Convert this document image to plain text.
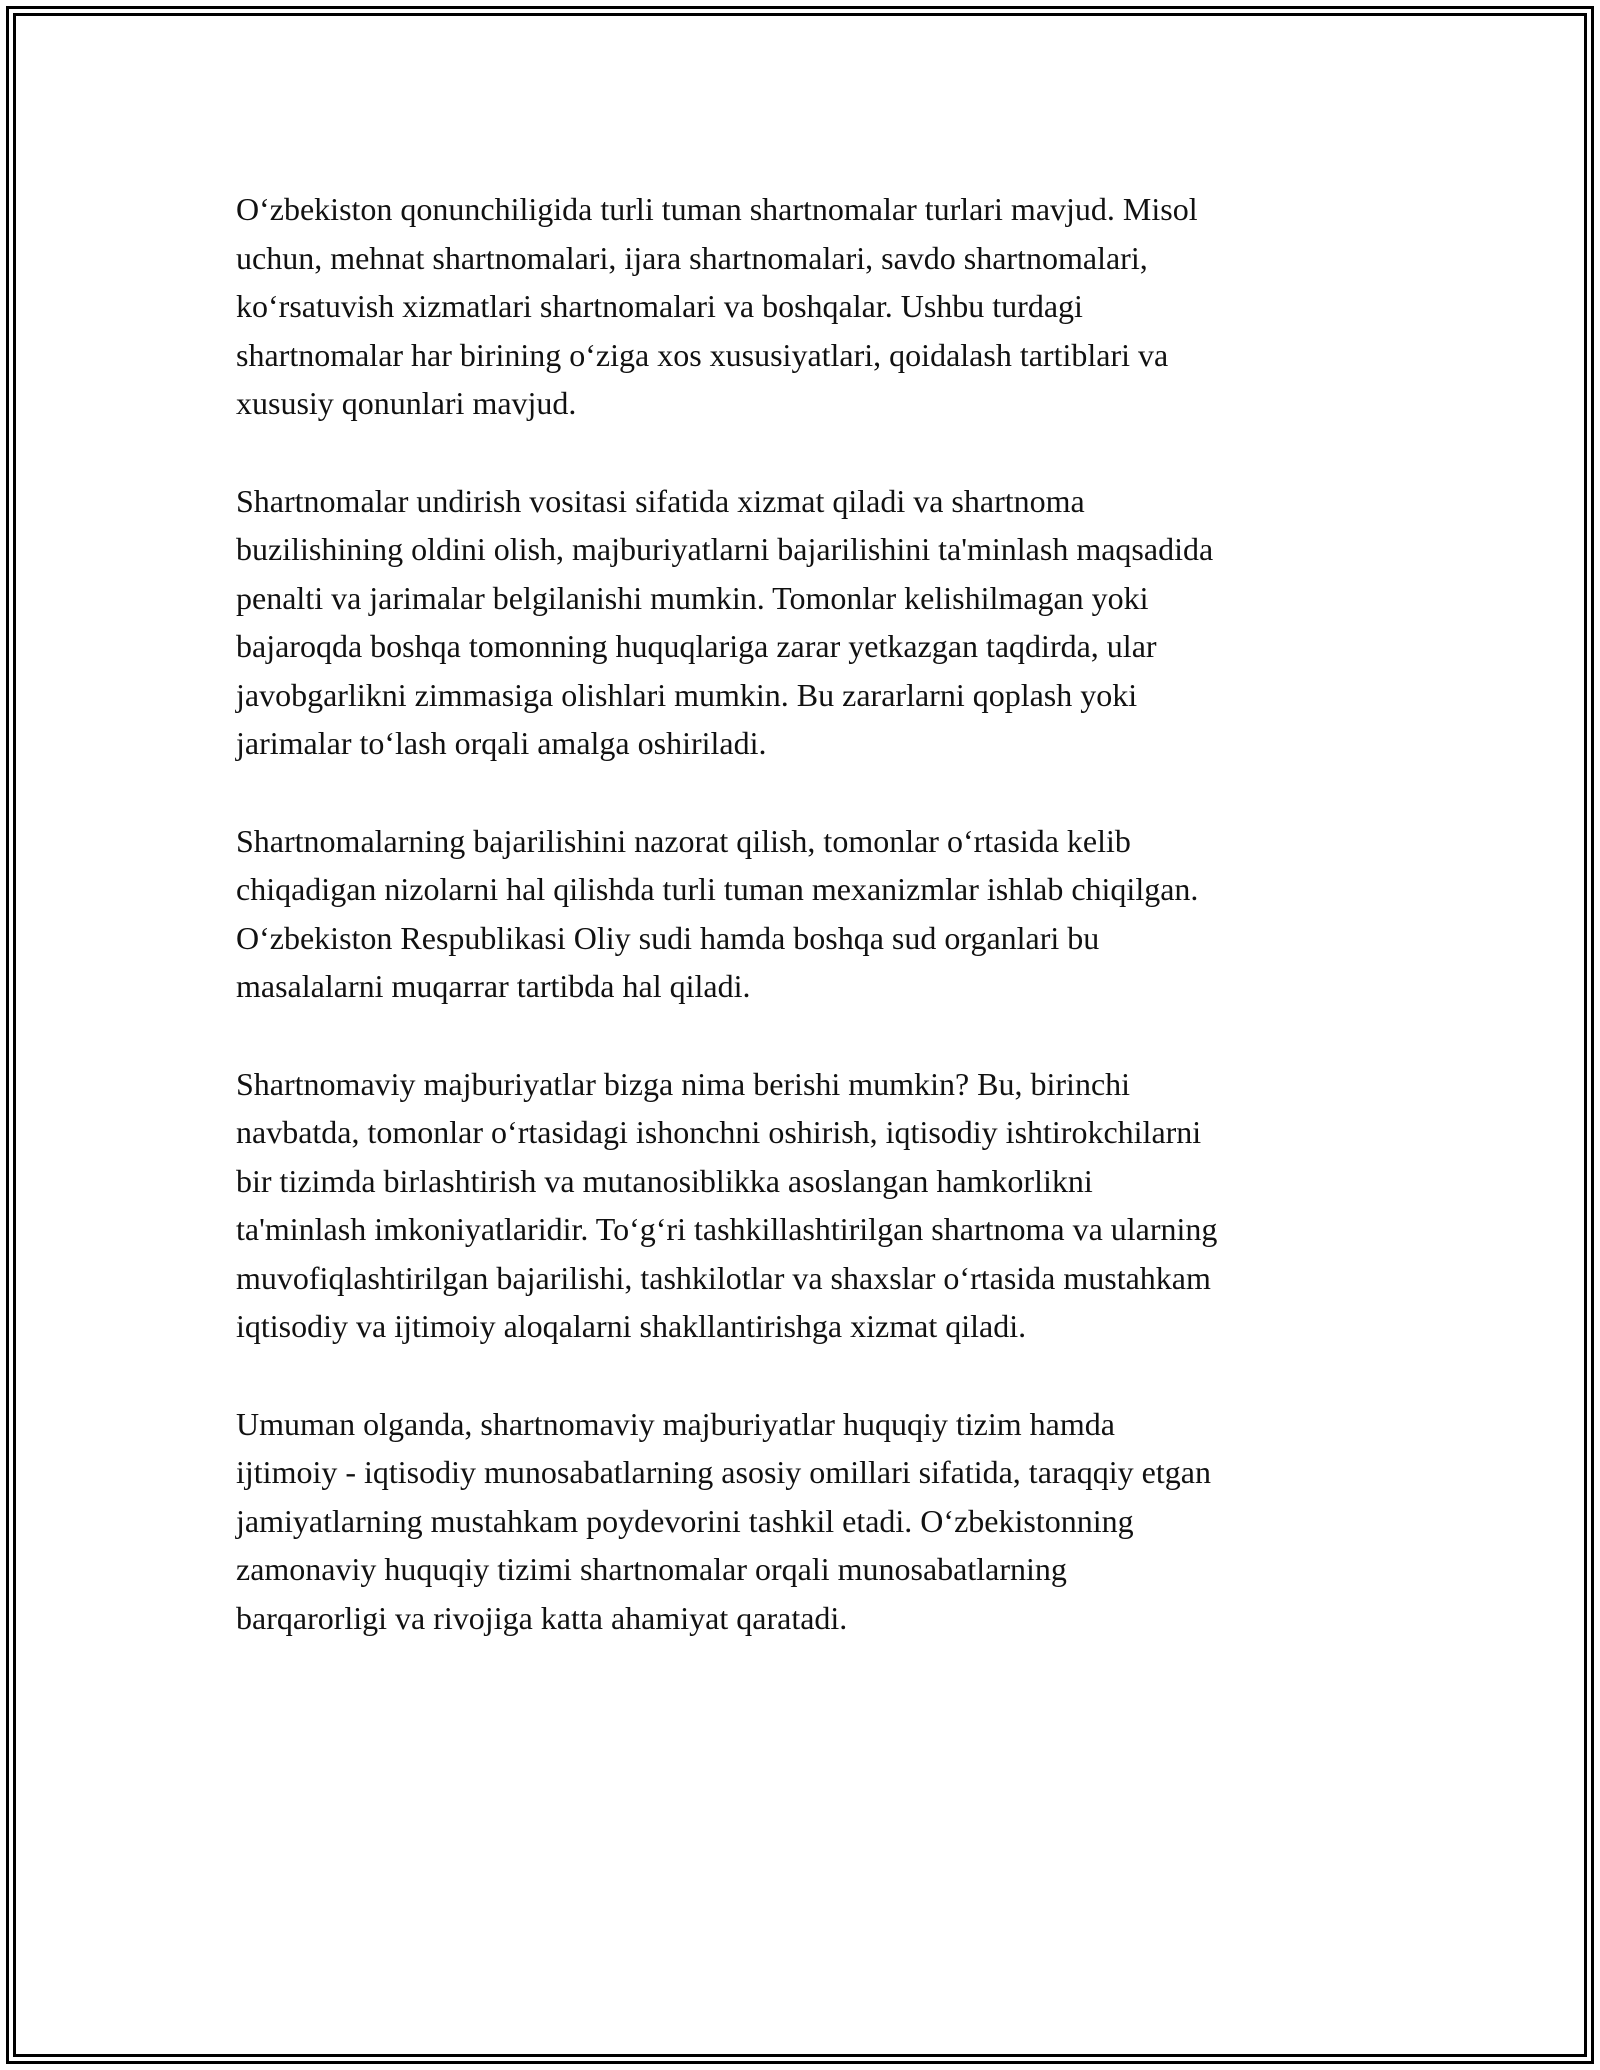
O‘zbekiston qonunchiligida turli tuman shartnomalar turlari mavjud. Misol
uchun, mehnat shartnomalari, ijara shartnomalari, savdo shartnomalari,
ko‘rsatuvish xizmatlari shartnomalari va boshqalar. Ushbu turdagi
shartnomalar har birining o‘ziga xos xususiyatlari, qoidalash tartiblari va
xususiy qonunlari mavjud.

Shartnomalar undirish vositasi sifatida xizmat qiladi va shartnoma
buzilishining oldini olish, majburiyatlarni bajarilishini ta'minlash maqsadida
penalti va jarimalar belgilanishi mumkin. Tomonlar kelishilmagan yoki
bajaroqda boshqa tomonning huquqlariga zarar yetkazgan taqdirda, ular
javobgarlikni zimmasiga olishlari mumkin. Bu zararlarni qoplash yoki
jarimalar to‘lash orqali amalga oshiriladi.

Shartnomalarning bajarilishini nazorat qilish, tomonlar o‘rtasida kelib
chiqadigan nizolarni hal qilishda turli tuman mexanizmlar ishlab chiqilgan.
O‘zbekiston Respublikasi Oliy sudi hamda boshqa sud organlari bu
masalalarni muqarrar tartibda hal qiladi.

Shartnomaviy majburiyatlar bizga nima berishi mumkin? Bu, birinchi
navbatda, tomonlar o‘rtasidagi ishonchni oshirish, iqtisodiy ishtirokchilarni
bir tizimda birlashtirish va mutanosiblikka asoslangan hamkorlikni
ta'minlash imkoniyatlaridir. To‘g‘ri tashkillashtirilgan shartnoma va ularning
muvofiqlashtirilgan bajarilishi, tashkilotlar va shaxslar o‘rtasida mustahkam
iqtisodiy va ijtimoiy aloqalarni shakllantirishga xizmat qiladi.

Umuman olganda, shartnomaviy majburiyatlar huquqiy tizim hamda
ijtimoiy - iqtisodiy munosabatlarning asosiy omillari sifatida, taraqqiy etgan
jamiyatlarning mustahkam poydevorini tashkil etadi. O‘zbekistonning
zamonaviy huquqiy tizimi shartnomalar orqali munosabatlarning
barqarorligi va rivojiga katta ahamiyat qaratadi.
